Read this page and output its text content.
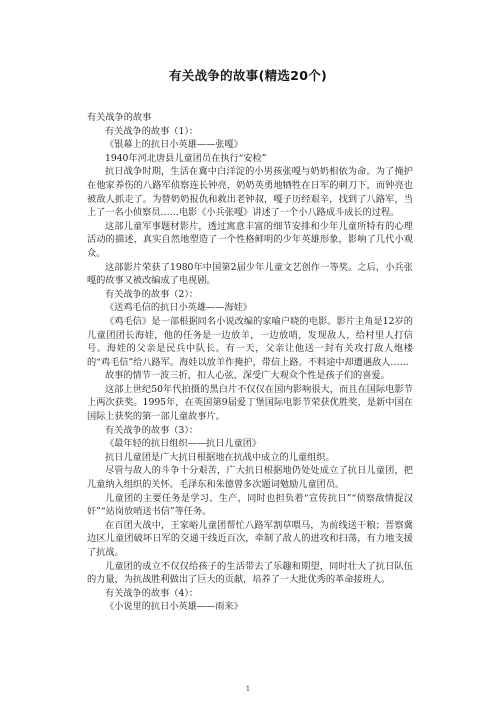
有关战争的故事(精选20个)

有关战争的故事

有关战争的故事（1）：

《银幕上的抗日小英雄——张嘎》

1940年河北唐县儿童团员在执行“安检”

抗日战争时期，生活在冀中白洋淀的小男孩张嘎与奶奶相依为命。为了掩护在他家养伤的八路军侦察连长钟亮，奶奶英勇地牺牲在日军的刺刀下，而钟亮也被敌人抓走了。为替奶奶报仇和救出老钟叔，嘎子历经艰辛，找到了八路军，当上了一名小侦察员……电影《小兵张嘎》讲述了一个小八路成斗成长的过程。

这部儿童军事题材影片，透过寓意丰富的细节安排和少年儿童所特有的心理活动的描述，真实自然地塑造了一个性格鲜明的少年英雄形象，影响了几代小观众。

这部影片荣获了1980年中国第2届少年儿童文艺创作一等奖。之后，小兵张嘎的故事又被改编成了电视剧。

有关战争的故事（2）：

《送鸡毛信的抗日小英雄——海娃》

《鸡毛信》是一部根据同名小说改编的家喻户晓的电影。影片主角是12岁的儿童团团长海娃，他的任务是一边放羊，一边放哨，发现敌人，给村里人打信号。海娃的父亲是民兵中队长。有一天，父亲让他送一封有关攻打敌人炮楼的“鸡毛信”给八路军。海娃以放羊作掩护，带信上路。不料途中却遭遇敌人……

故事的情节一波三折，扣人心弦，深受广大观众个性是孩子们的喜爱。

这部上世纪50年代拍摄的黑白片不仅仅在国内影响很大，而且在国际电影节上两次获奖。1995年，在英国第9届爱丁堡国际电影节荣获优胜奖，是新中国在国际上获奖的第一部儿童故事片。

有关战争的故事（3）：

《最年轻的抗日组织——抗日儿童团》

抗日儿童团是广大抗日根据地在抗战中成立的儿童组织。

尽管与敌人的斗争十分艰苦，广大抗日根据地仍处处成立了抗日儿童团，把儿童纳入组织的关怀。毛泽东和朱德曾多次题词勉励儿童团员。

儿童团的主要任务是学习、生产，同时也担负着“宣传抗日”“侦察敌情捉汉奸”“站岗放哨送书信”等任务。

在百团大战中，王家峪儿童团帮忙八路军割草喂马，为前线送干粮；晋察冀边区儿童团破坏日军的交通干线近百次，牵制了敌人的进攻和扫荡，有力地支援了抗战。

儿童团的成立不仅仅给孩子的生活带去了乐趣和期望，同时壮大了抗日队伍的力量，为抗战胜利做出了巨大的贡献，培养了一大批优秀的革命接班人。

有关战争的故事（4）：

《小说里的抗日小英雄——雨来》

1
